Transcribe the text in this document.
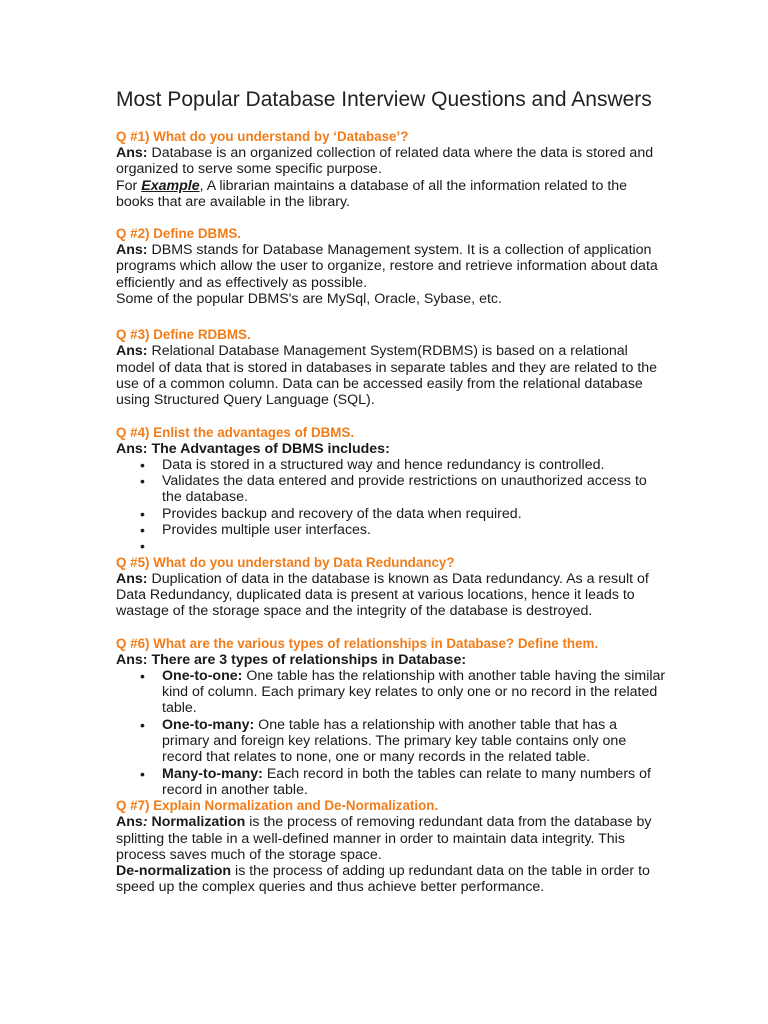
Most Popular Database Interview Questions and Answers
Q #1) What do you understand by ‘Database’?

Ans: Database is an organized collection of related data where the data is stored and organized to serve some specific purpose.

For Example, A librarian maintains a database of all the information related to the books that are available in the library.

Q #2) Define DBMS.

Ans: DBMS stands for Database Management system. It is a collection of application programs which allow the user to organize, restore and retrieve information about data efficiently and as effectively as possible.

Some of the popular DBMS's are MySql, Oracle, Sybase, etc.

Q #3) Define RDBMS.

Ans: Relational Database Management System(RDBMS) is based on a relational model of data that is stored in databases in separate tables and they are related to the use of a common column. Data can be accessed easily from the relational database using Structured Query Language (SQL).

Q #4) Enlist the advantages of DBMS.

Ans: The Advantages of DBMS includes:

• Data is stored in a structured way and hence redundancy is controlled.
• Validates the data entered and provide restrictions on unauthorized access to the database.
• Provides backup and recovery of the data when required.
• Provides multiple user interfaces.
•
Q #5) What do you understand by Data Redundancy?

Ans: Duplication of data in the database is known as Data redundancy. As a result of Data Redundancy, duplicated data is present at various locations, hence it leads to wastage of the storage space and the integrity of the database is destroyed.

Q #6) What are the various types of relationships in Database? Define them.

Ans: There are 3 types of relationships in Database:

• One-to-one: One table has the relationship with another table having the similar kind of column. Each primary key relates to only one or no record in the related table.
• One-to-many: One table has a relationship with another table that has a primary and foreign key relations. The primary key table contains only one record that relates to none, one or many records in the related table.
• Many-to-many: Each record in both the tables can relate to many numbers of record in another table.
Q #7) Explain Normalization and De-Normalization.

Ans: Normalization is the process of removing redundant data from the database by splitting the table in a well-defined manner in order to maintain data integrity. This process saves much of the storage space.

De-normalization is the process of adding up redundant data on the table in order to speed up the complex queries and thus achieve better performance.
